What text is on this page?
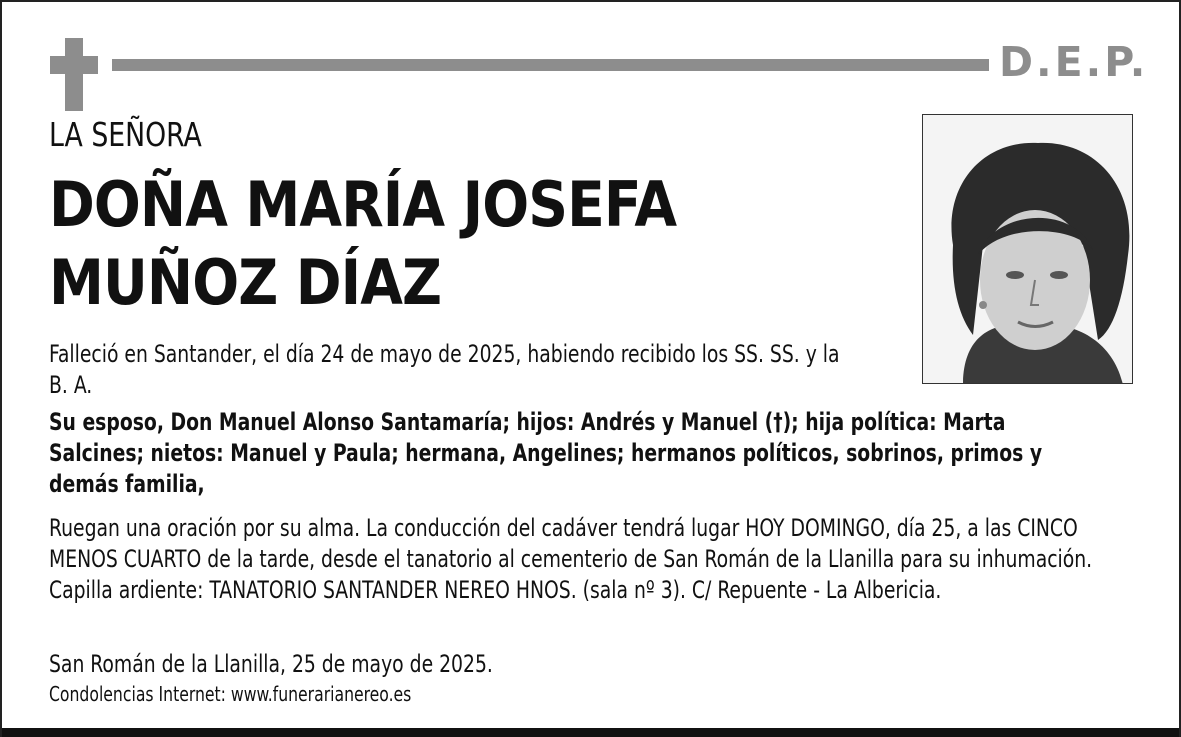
D.E.P.
LA SEÑORA
DOÑA MARÍA JOSEFA
MUÑOZ DÍAZ
Falleció en Santander, el día 24 de mayo de 2025, habiendo recibido los SS. SS. y la B. A.
Su esposo, Don Manuel Alonso Santamaría; hijos: Andrés y Manuel (†); hija política: Marta Salcines; nietos: Manuel y Paula; hermana, Angelines; hermanos políticos, sobrinos, primos y demás familia,
Ruegan una oración por su alma. La conducción del cadáver tendrá lugar HOY DOMINGO, día 25, a las CINCO MENOS CUARTO de la tarde, desde el tanatorio al cementerio de San Román de la Llanilla para su inhumación. Capilla ardiente: TANATORIO SANTANDER NEREO HNOS. (sala nº 3). C/ Repuente - La Albericia.
San Román de la Llanilla, 25 de mayo de 2025.
Condolencias Internet: www.funerarianereo.es
